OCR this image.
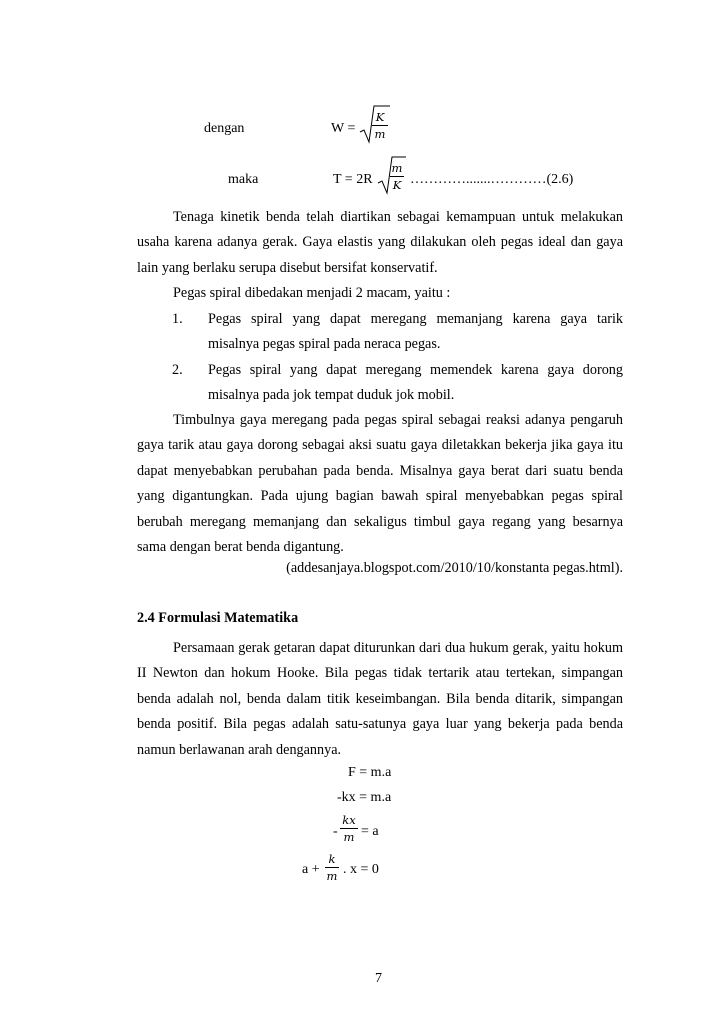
dengan	W =
K
m
maka	T = 2R
m
K ………….......…………(2.6)

Tenaga kinetik benda telah diartikan sebagai kemampuan untuk melakukan usaha karena adanya gerak. Gaya elastis yang dilakukan oleh pegas ideal dan gaya lain yang berlaku serupa disebut bersifat konservatif.

Pegas spiral dibedakan menjadi 2 macam, yaitu :

1. Pegas spiral yang dapat meregang memanjang karena gaya tarik
misalnya pegas spiral pada neraca pegas.
2. Pegas spiral yang dapat meregang memendek karena gaya dorong
misalnya pada jok tempat duduk jok mobil.

Timbulnya gaya meregang pada pegas spiral sebagai reaksi adanya pengaruh gaya tarik atau gaya dorong sebagai aksi suatu gaya diletakkan bekerja jika gaya itu dapat menyebabkan perubahan pada benda. Misalnya gaya berat dari suatu benda yang digantungkan. Pada ujung bagian bawah spiral menyebabkan pegas spiral berubah meregang memanjang dan sekaligus timbul gaya regang yang besarnya sama dengan berat benda digantung.

(addesanjaya.blogspot.com/2010/10/konstanta pegas.html).
2.4 Formulasi Matematika

Persamaan gerak getaran dapat diturunkan dari dua hukum gerak, yaitu hokum II Newton dan hokum Hooke. Bila pegas tidak tertarik atau tertekan, simpangan benda adalah nol, benda dalam titik keseimbangan. Bila benda ditarik, simpangan benda positif. Bila pegas adalah satu-satunya gaya luar yang bekerja pada benda namun berlawanan arah dengannya.

F = m.a
-kx = m.a
-
kx
m = a
a +
k
m . x = 0
7
